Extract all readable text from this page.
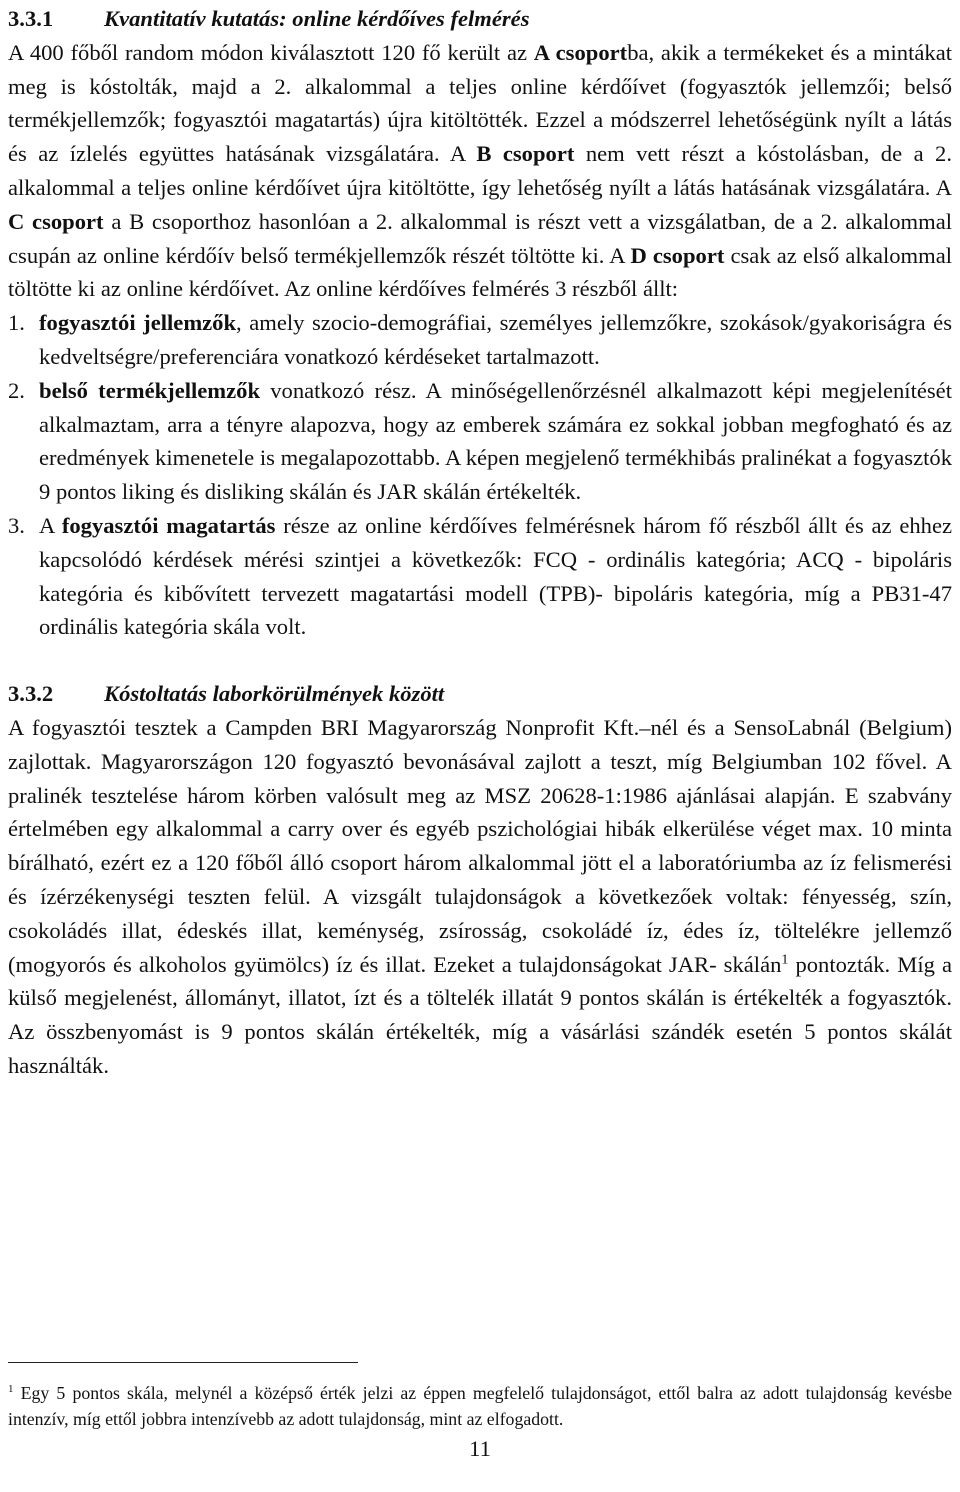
3.3.1 Kvantitatív kutatás: online kérdőíves felmérés

A 400 főből random módon kiválasztott 120 fő került az A csoportba, akik a termékeket és a mintákat meg is kóstolták, majd a 2. alkalommal a teljes online kérdőívet (fogyasztók jellemzői; belső termékjellemzők; fogyasztói magatartás) újra kitöltötték. Ezzel a módszerrel lehetőségünk nyílt a látás és az ízlelés együttes hatásának vizsgálatára. A B csoport nem vett részt a kóstolásban, de a 2. alkalommal a teljes online kérdőívet újra kitöltötte, így lehetőség nyílt a látás hatásának vizsgálatára. A C csoport a B csoporthoz hasonlóan a 2. alkalommal is részt vett a vizsgálatban, de a 2. alkalommal csupán az online kérdőív belső termékjellemzők részét töltötte ki. A D csoport csak az első alkalommal töltötte ki az online kérdőívet. Az online kérdőíves felmérés 3 részből állt:

1. fogyasztói jellemzők, amely szocio-demográfiai, személyes jellemzőkre, szokások/gyakoriságra és kedveltségre/preferenciára vonatkozó kérdéseket tartalmazott.
2. belső termékjellemzők vonatkozó rész. A minőségellenőrzésnél alkalmazott képi megjelenítését alkalmaztam, arra a tényre alapozva, hogy az emberek számára ez sokkal jobban megfogható és az eredmények kimenetele is megalapozottabb. A képen megjelenő termékhibás pralinékat a fogyasztók 9 pontos liking és disliking skálán és JAR skálán értékelték.
3. A fogyasztói magatartás része az online kérdőíves felmérésnek három fő részből állt és az ehhez kapcsolódó kérdések mérési szintjei a következők: FCQ - ordinális kategória; ACQ - bipoláris kategória és kibővített tervezett magatartási modell (TPB)- bipoláris kategória, míg a PB31-47 ordinális kategória skála volt.

3.3.2 Kóstoltatás laborkörülmények között

A fogyasztói tesztek a Campden BRI Magyarország Nonprofit Kft.–nél és a SensoLabnál (Belgium) zajlottak. Magyarországon 120 fogyasztó bevonásával zajlott a teszt, míg Belgiumban 102 fővel. A pralinék tesztelése három körben valósult meg az MSZ 20628-1:1986 ajánlásai alapján. E szabvány értelmében egy alkalommal a carry over és egyéb pszichológiai hibák elkerülése véget max. 10 minta bírálható, ezért ez a 120 főből álló csoport három alkalommal jött el a laboratóriumba az íz felismerési és ízérzékenységi teszten felül. A vizsgált tulajdonságok a következőek voltak: fényesség, szín, csokoládés illat, édeskés illat, keménység, zsírosság, csokoládé íz, édes íz, töltelékre jellemző (mogyorós és alkoholos gyümölcs) íz és illat. Ezeket a tulajdonságokat JAR- skálán$^1$ pontozták. Míg a külső megjelenést, állományt, illatot, ízt és a töltelék illatát 9 pontos skálán is értékelték a fogyasztók. Az összbenyomást is 9 pontos skálán értékelték, míg a vásárlási szándék esetén 5 pontos skálát használták.

$^1$ Egy 5 pontos skála, melynél a középső érték jelzi az éppen megfelelő tulajdonságot, ettől balra az adott tulajdonság kevésbe intenzív, míg ettől jobbra intenzívebb az adott tulajdonság, mint az elfogadott.
11
